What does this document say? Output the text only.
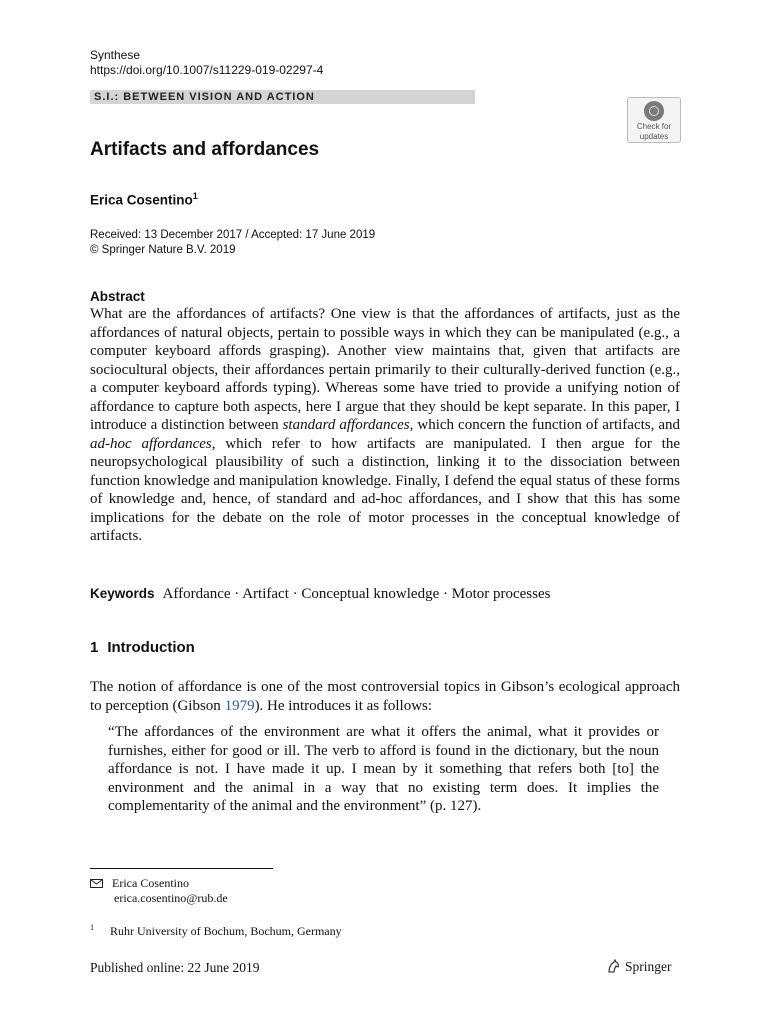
Synthese
https://doi.org/10.1007/s11229-019-02297-4
S.I.: BETWEEN VISION AND ACTION
Check for
updates
Artifacts and affordances
Erica Cosentino$^1$
Received: 13 December 2017 / Accepted: 17 June 2019
© Springer Nature B.V. 2019
Abstract

What are the affordances of artifacts? One view is that the affordances of artifacts, just as the affordances of natural objects, pertain to possible ways in which they can be manipulated (e.g., a computer keyboard affords grasping). Another view maintains that, given that artifacts are sociocultural objects, their affordances pertain primarily to their culturally-derived function (e.g., a computer keyboard affords typing). Whereas some have tried to provide a unifying notion of affordance to capture both aspects, here I argue that they should be kept separate. In this paper, I introduce a distinction between standard affordances, which concern the function of artifacts, and ad-hoc affordances, which refer to how artifacts are manipulated. I then argue for the neuropsychological plausibility of such a distinction, linking it to the dissociation between function knowledge and manipulation knowledge. Finally, I defend the equal status of these forms of knowledge and, hence, of standard and ad-hoc affordances, and I show that this has some implications for the debate on the role of motor processes in the conceptual knowledge of artifacts.

Keywords Affordance · Artifact · Conceptual knowledge · Motor processes
1 Introduction

The notion of affordance is one of the most controversial topics in Gibson’s ecological approach to perception (Gibson 1979). He introduces it as follows:

“The affordances of the environment are what it offers the animal, what it provides or furnishes, either for good or ill. The verb to afford is found in the dictionary, but the noun affordance is not. I have made it up. I mean by it something that refers both [to] the environment and the animal in a way that no existing term does. It implies the complementarity of the animal and the environment” (p. 127).

Erica Cosentino
erica.cosentino@rub.de
$^1$ Ruhr University of Bochum, Bochum, Germany
Published online: 22 June 2019	Springer
